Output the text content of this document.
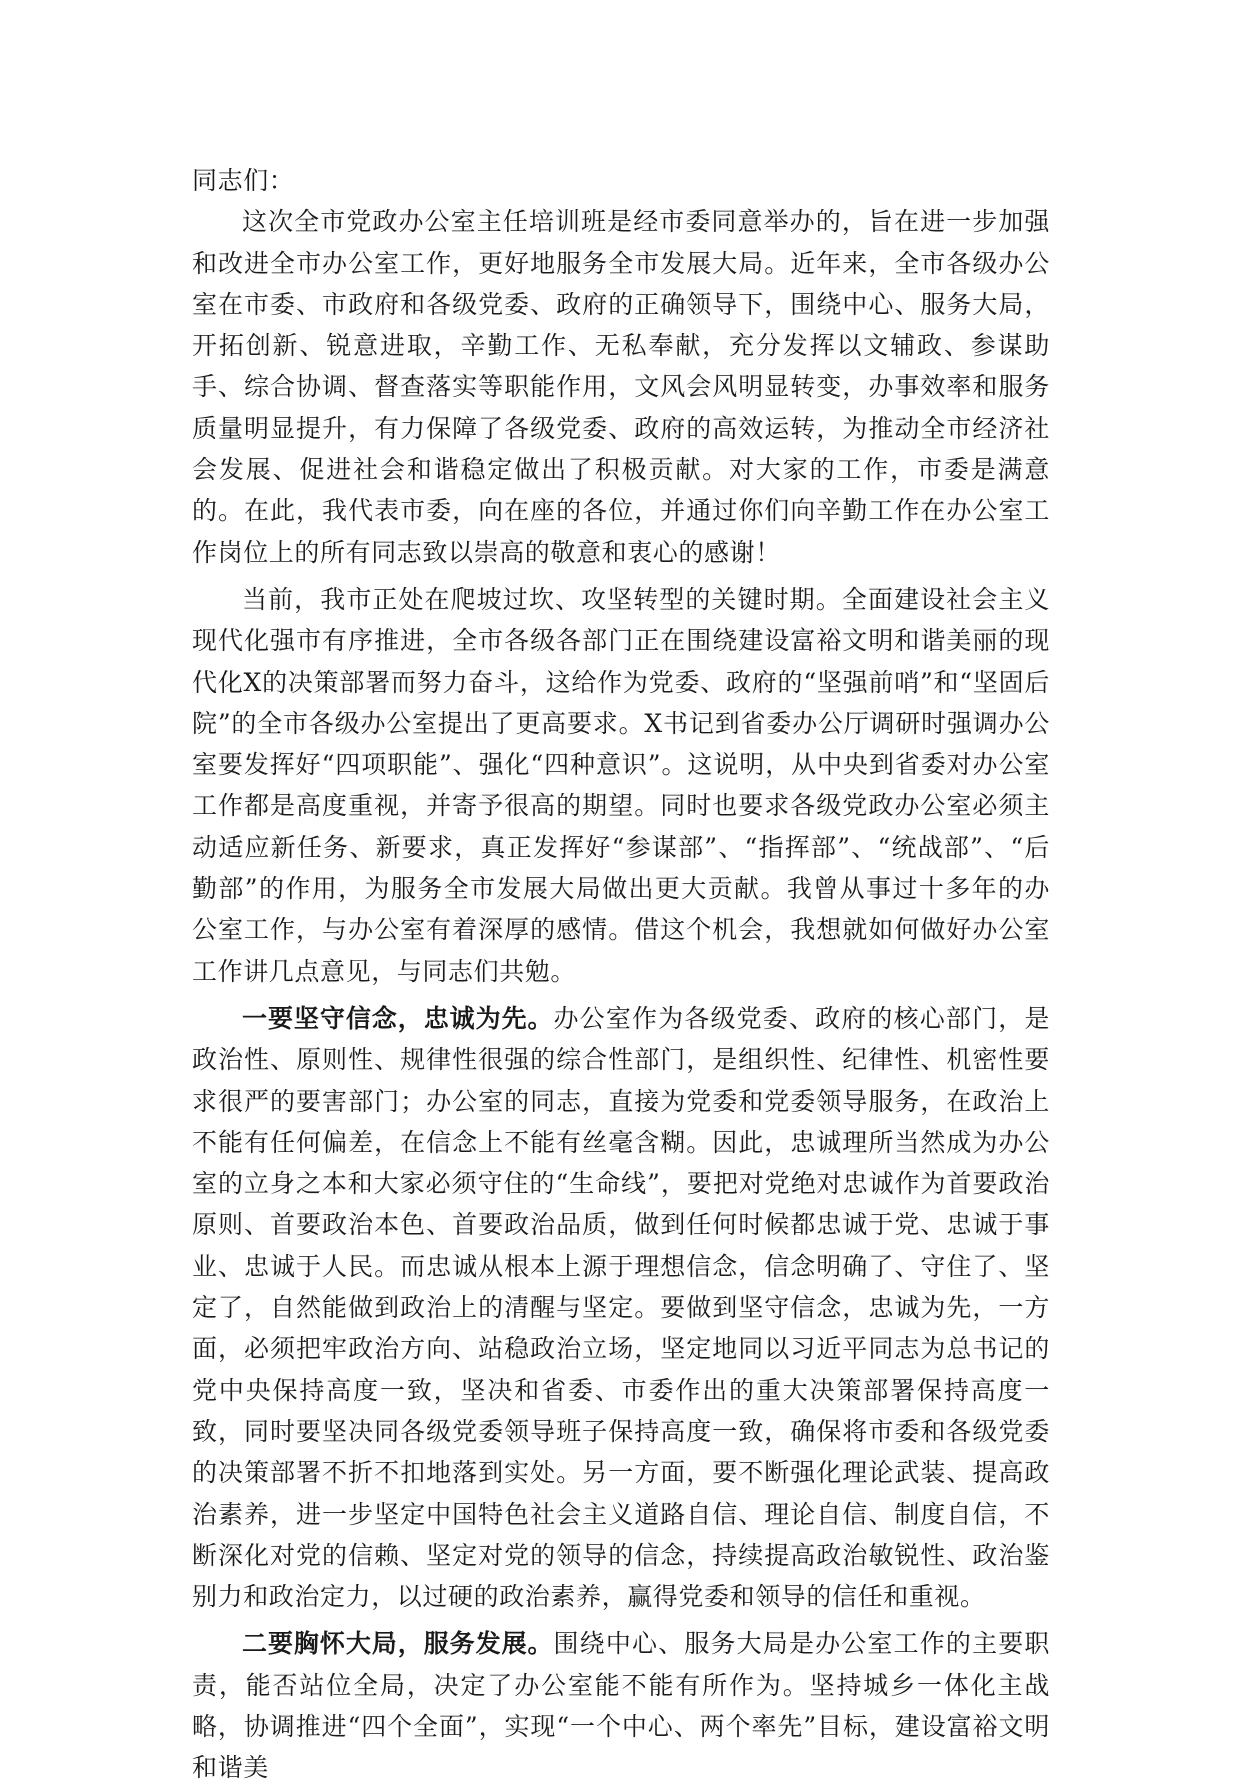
同志们：

这次全市党政办公室主任培训班是经市委同意举办的，旨在进一步加强和改进全市办公室工作，更好地服务全市发展大局。近年来，全市各级办公室在市委、市政府和各级党委、政府的正确领导下，围绕中心、服务大局，开拓创新、锐意进取，辛勤工作、无私奉献，充分发挥以文辅政、参谋助手、综合协调、督查落实等职能作用，文风会风明显转变，办事效率和服务质量明显提升，有力保障了各级党委、政府的高效运转，为推动全市经济社会发展、促进社会和谐稳定做出了积极贡献。对大家的工作，市委是满意的。在此，我代表市委，向在座的各位，并通过你们向辛勤工作在办公室工作岗位上的所有同志致以崇高的敬意和衷心的感谢！

当前，我市正处在爬坡过坎、攻坚转型的关键时期。全面建设社会主义现代化强市有序推进，全市各级各部门正在围绕建设富裕文明和谐美丽的现代化X的决策部署而努力奋斗，这给作为党委、政府的“坚强前哨”和“坚固后院”的全市各级办公室提出了更高要求。X书记到省委办公厅调研时强调办公室要发挥好“四项职能”、强化“四种意识”。这说明，从中央到省委对办公室工作都是高度重视，并寄予很高的期望。同时也要求各级党政办公室必须主动适应新任务、新要求，真正发挥好“参谋部”、“指挥部”、“统战部”、“后勤部”的作用，为服务全市发展大局做出更大贡献。我曾从事过十多年的办公室工作，与办公室有着深厚的感情。借这个机会，我想就如何做好办公室工作讲几点意见，与同志们共勉。

一要坚守信念，忠诚为先。办公室作为各级党委、政府的核心部门，是政治性、原则性、规律性很强的综合性部门，是组织性、纪律性、机密性要求很严的要害部门；办公室的同志，直接为党委和党委领导服务，在政治上不能有任何偏差，在信念上不能有丝毫含糊。因此，忠诚理所当然成为办公室的立身之本和大家必须守住的“生命线”，要把对党绝对忠诚作为首要政治原则、首要政治本色、首要政治品质，做到任何时候都忠诚于党、忠诚于事业、忠诚于人民。而忠诚从根本上源于理想信念，信念明确了、守住了、坚定了，自然能做到政治上的清醒与坚定。要做到坚守信念，忠诚为先，一方面，必须把牢政治方向、站稳政治立场，坚定地同以习近平同志为总书记的党中央保持高度一致，坚决和省委、市委作出的重大决策部署保持高度一致，同时要坚决同各级党委领导班子保持高度一致，确保将市委和各级党委的决策部署不折不扣地落到实处。另一方面，要不断强化理论武装、提高政治素养，进一步坚定中国特色社会主义道路自信、理论自信、制度自信，不断深化对党的信赖、坚定对党的领导的信念，持续提高政治敏锐性、政治鉴别力和政治定力，以过硬的政治素养，赢得党委和领导的信任和重视。

二要胸怀大局，服务发展。围绕中心、服务大局是办公室工作的主要职责，能否站位全局，决定了办公室能不能有所作为。坚持城乡一体化主战略，协调推进“四个全面”，实现“一个中心、两个率先”目标，建设富裕文明和谐美
